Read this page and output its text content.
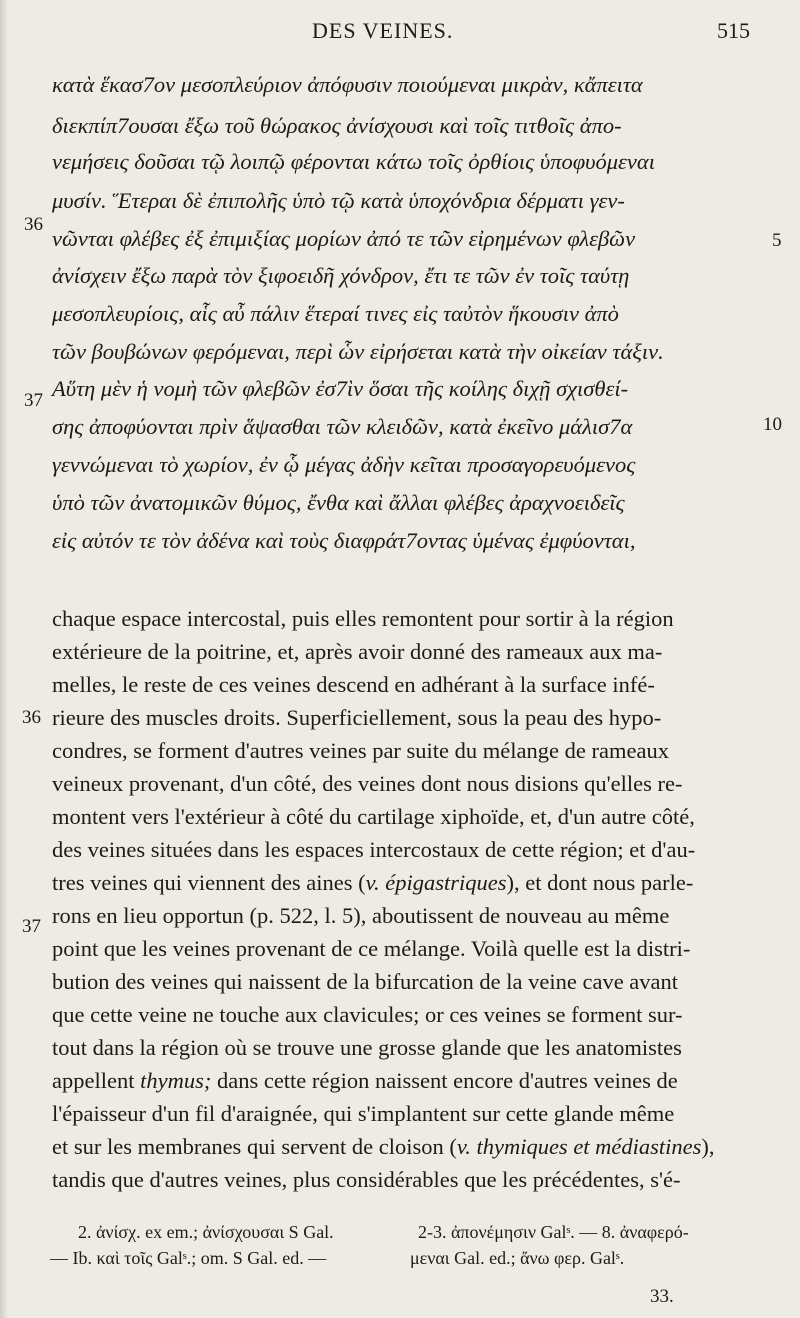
DES VEINES.	515
κατὰ ἕκασ7ον μεσοπλεύριον ἀπόφυσιν ποιούμεναι μικρὰν, κἄπειτα
διεκπίπ7ουσαι ἔξω τοῦ θώρακος ἀνίσχουσι καὶ τοῖς τιτθοῖς ἀπο-
νεμήσεις δοῦσαι τῷ λοιπῷ φέρονται κάτω τοῖς ὀρθίοις ὑποφυόμεναι
μυσίν. Ἕτεραι δὲ ἐπιπολῆς ὑπὸ τῷ κατὰ ὑποχόνδρια δέρματι γεν-
νῶνται φλέβες ἐξ ἐπιμιξίας μορίων ἀπό τε τῶν εἰρημένων φλεβῶν
ἀνίσχειν ἔξω παρὰ τὸν ξιφοειδῆ χόνδρον, ἔτι τε τῶν ἐν τοῖς ταύτῃ
μεσοπλευρίοις, αἷς αὖ πάλιν ἕτεραί τινες εἰς ταὐτὸν ἥκουσιν ἀπὸ
τῶν βουβώνων φερόμεναι, περὶ ὧν εἰρήσεται κατὰ τὴν οἰκείαν τάξιν.
Αὕτη μὲν ἡ νομὴ τῶν φλεβῶν ἐσ7ὶν ὅσαι τῆς κοίλης διχῇ σχισθεί-
σης ἀποφύονται πρὶν ἅψασθαι τῶν κλειδῶν, κατὰ ἐκεῖνο μάλισ7α
γεννώμεναι τὸ χωρίον, ἐν ᾧ μέγας ἀδὴν κεῖται προσαγορευόμενος
ὑπὸ τῶν ἀνατομικῶν θύμος, ἔνθα καὶ ἄλλαι φλέβες ἀραχνοειδεῖς
εἰς αὐτόν τε τὸν ἀδένα καὶ τοὺς διαφράτ7οντας ὑμένας ἐμφύονται,
36
37
5
10
chaque espace intercostal, puis elles remontent pour sortir à la région
extérieure de la poitrine, et, après avoir donné des rameaux aux ma-
melles, le reste de ces veines descend en adhérant à la surface infé-
rieure des muscles droits. Superficiellement, sous la peau des hypo-
condres, se forment d'autres veines par suite du mélange de rameaux
veineux provenant, d'un côté, des veines dont nous disions qu'elles re-
montent vers l'extérieur à côté du cartilage xiphoïde, et, d'un autre côté,
des veines situées dans les espaces intercostaux de cette région; et d'au-
tres veines qui viennent des aines (v. épigastriques), et dont nous parle-
rons en lieu opportun (p. 522, l. 5), aboutissent de nouveau au même
point que les veines provenant de ce mélange. Voilà quelle est la distri-
bution des veines qui naissent de la bifurcation de la veine cave avant
que cette veine ne touche aux clavicules; or ces veines se forment sur-
tout dans la région où se trouve une grosse glande que les anatomistes
appellent thymus; dans cette région naissent encore d'autres veines de
l'épaisseur d'un fil d'araignée, qui s'implantent sur cette glande même
et sur les membranes qui servent de cloison (v. thymiques et médiastines),
tandis que d'autres veines, plus considérables que les précédentes, s'é-
36
37
2. ἀνίσχ. ex em.; ἀνίσχουσαι S Gal.	2-3. ἀπονέμησιν Galˢ. — 8. ἀναφερό-
— Ib. καὶ τοῖς Galˢ.; om. S Gal. ed. —	μεναι Gal. ed.; ἄνω φερ. Galˢ.
33.
